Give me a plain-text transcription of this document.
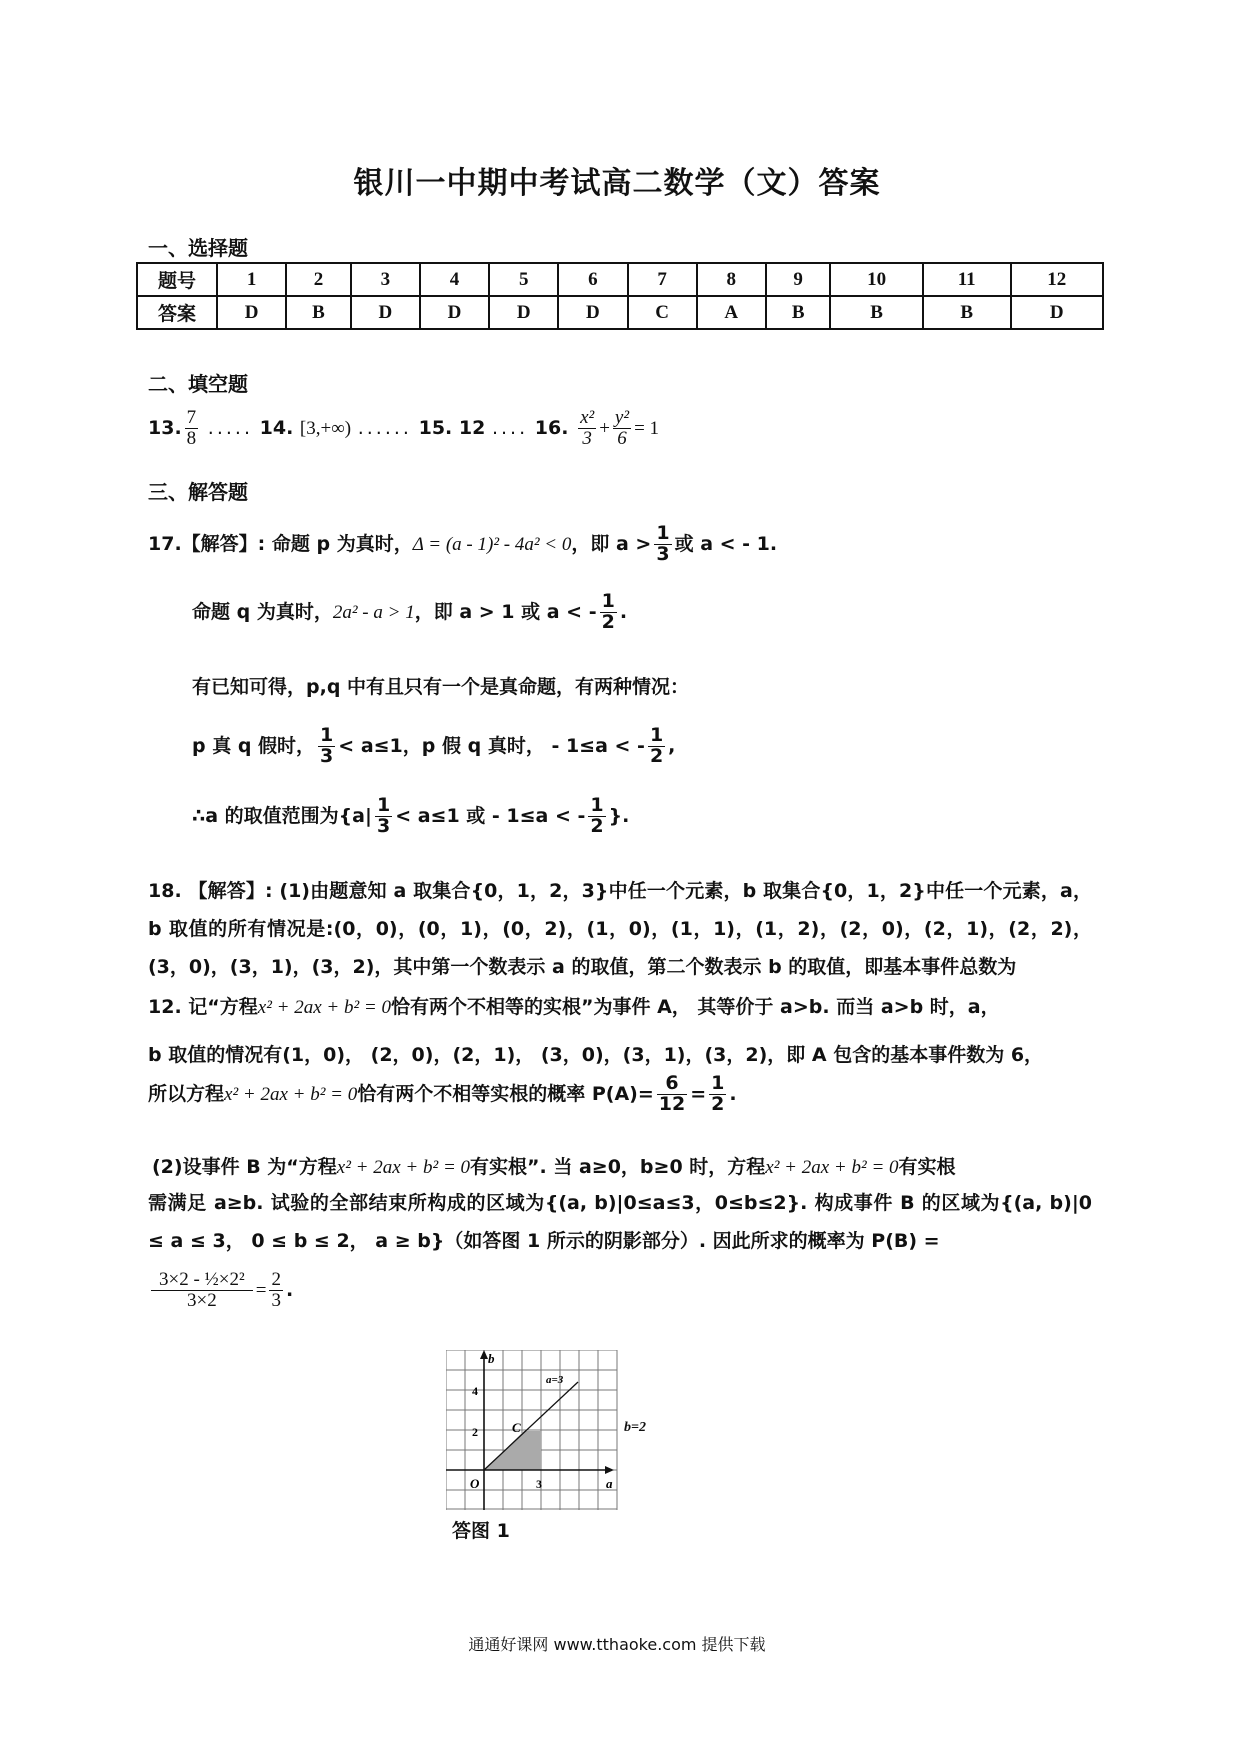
银川一中期中考试高二数学（文）答案
一、选择题
题号	1	2	3	4	5	6	7	8	9	10	11	12
答案	D	B	D	D	D	D	C	A	B	B	B	D
二、填空题
13. $\frac{7}{8}$ ..... 14. [3,+∞) ...... 15. 12 .... 16. $\frac{\text{x²}}{3} + \frac{\text{y²}}{6} = 1$
三、解答题
17.【解答】: 命题 p 为真时，Δ = (a - 1)² - 4a² < 0，即 $a > \frac{1}{3}$ 或 a < - 1.
命题 q 为真时，2a² - a > 1，即 a > 1 或 a < - $\frac{1}{2}$ .
有已知可得，p,q 中有且只有一个是真命题，有两种情况：
p 真 q 假时， $\frac{1}{3} < a\le 1$，p 假 q 真时， - 1≤a < - $\frac{1}{2}$ ,
∴a 的取值范围为{$a| \frac{1}{3} < a\le 1$ 或 - 1≤a < - $\frac{1}{2}$ }.
18. 【解答】: (1)由题意知 a 取集合{0，1，2，3}中任一个元素，b 取集合{0，1，2}中任一个元素，a，b 取值的所有情况是:(0，0)，(0，1)，(0，2)，(1，0)，(1，1)，(1，2)，(2，0)，(2，1)，(2，2)，(3，0)，(3，1)，(3，2)，其中第一个数表示 a 的取值，第二个数表示 b 的取值，即基本事件总数为
12. 记“方程x² + 2ax + b² = 0恰有两个不相等的实根”为事件 A， 其等价于 a>b. 而当 a>b 时，a，
b 取值的情况有(1，0)， (2，0)，(2，1)， (3，0)，(3，1)，(3，2)，即 A 包含的基本事件数为 6，
所以方程x² + 2ax + b² = 0恰有两个不相等实根的概率 $P(A)= \frac{6}{12} = \frac{1}{2}$ .
(2)设事件 B 为“方程x² + 2ax + b² = 0有实根”. 当 a≥0，b≥0 时，方程x² + 2ax + b² = 0有实根
需满足 a≥b. 试验的全部结束所构成的区域为{(a, b)|0≤a≤3，0≤b≤2}. 构成事件 B 的区域为{(a, b)|0 ≤ a ≤ 3， 0 ≤ b ≤ 2， a ≥ b}（如答图 1 所示的阴影部分）. 因此所求的概率为 P(B) =
$\frac{\text{3×2 - ½×2²}}{3\times 2} = \frac{2}{3}$ .
b
a
4
2
3
O
C
a=3
b=2
答图 1
通通好课网 www.tthaoke.com 提供下载
